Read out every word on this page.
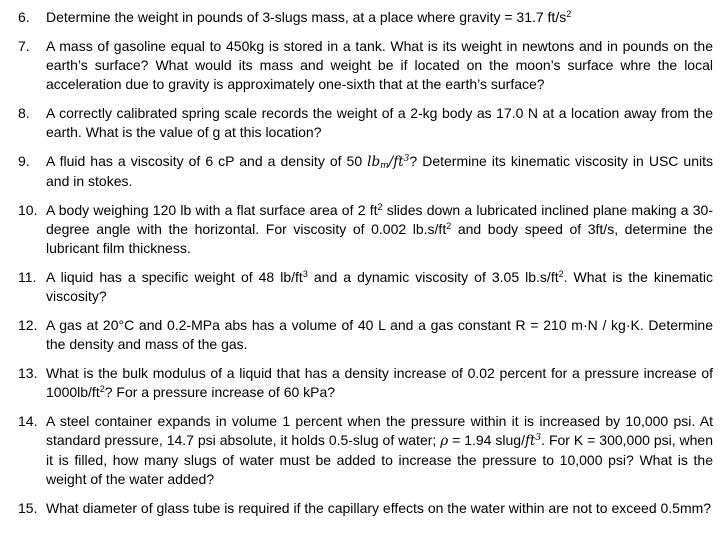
6.	Determine the weight in pounds of 3-slugs mass, at a place where gravity = 31.7 $ft/s^2$
7.	A mass of gasoline equal to 450kg is stored in a tank. What is its weight in newtons and in pounds on the earth’s surface? What would its mass and weight be if located on the moon’s surface whre the local acceleration due to gravity is approximately one-sixth that at the earth’s surface?
8.	A correctly calibrated spring scale records the weight of a 2-kg body as 17.0 N at a location away from the earth. What is the value of g at this location?
9.	A fluid has a viscosity of 6 cP and a density of 50 $lb_m/ft^3$? Determine its kinematic viscosity in USC units and in stokes.
10. A body weighing 120 lb with a flat surface area of 2 $ft^2$ slides down a lubricated inclined plane making a 30-degree angle with the horizontal. For viscosity of 0.002 $lb.s/ft^2$ and body speed of 3ft/s, determine the lubricant film thickness.
11. A liquid has a specific weight of 48 $lb/ft^3$ and a dynamic viscosity of 3.05 $lb.s/ft^2$. What is the kinematic viscosity?
12. A gas at 20°C and 0.2-MPa abs has a volume of 40 L and a gas constant R = 210 m·N / kg·K. Determine the density and mass of the gas.
13. What is the bulk modulus of a liquid that has a density increase of 0.02 percent for a pressure increase of $1000lb/ft^2$? For a pressure increase of 60 kPa?
14. A steel container expands in volume 1 percent when the pressure within it is increased by 10,000 psi. At standard pressure, 14.7 psi absolute, it holds 0.5-slug of water; ρ = 1.94 slug/$ft^3$. For K = 300,000 psi, when it is filled, how many slugs of water must be added to increase the pressure to 10,000 psi? What is the weight of the water added?
15. What diameter of glass tube is required if the capillary effects on the water within are not to exceed 0.5mm?
